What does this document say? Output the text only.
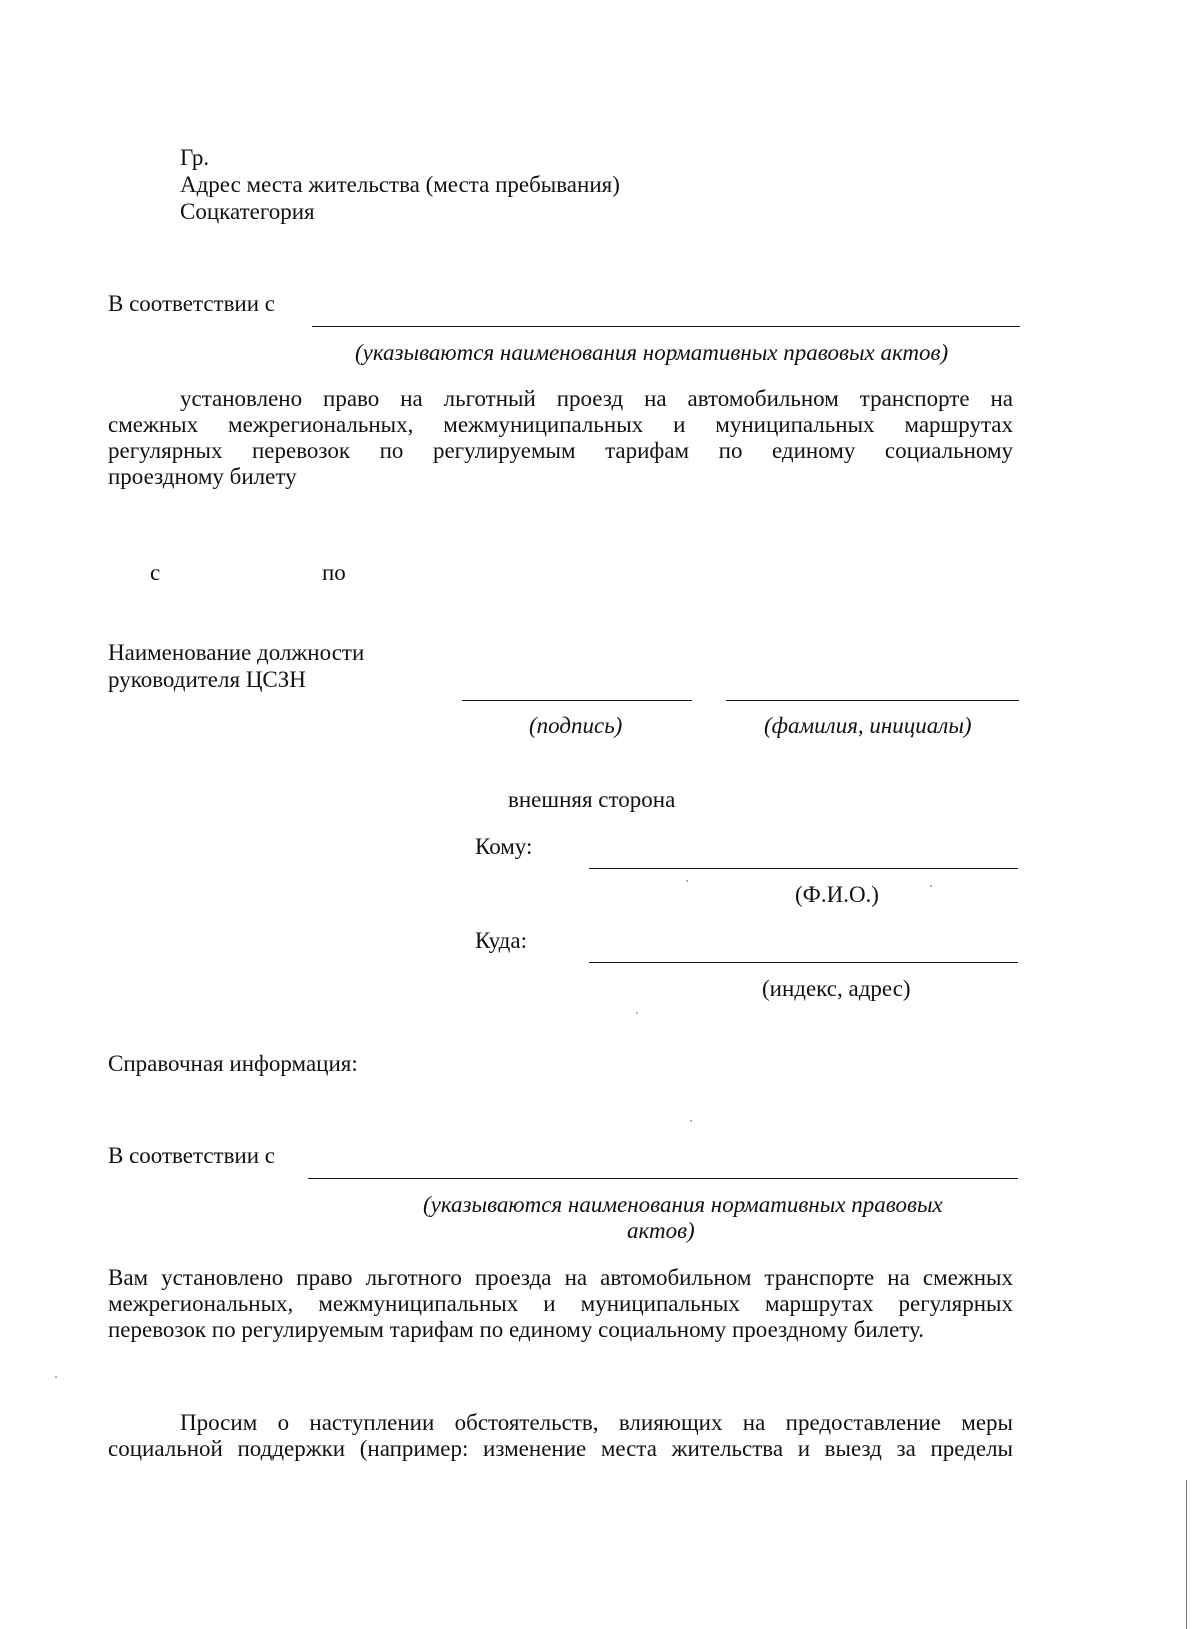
Гр.
Адрес места жительства (места пребывания)
Соцкатегория
В соответствии с
(указываются наименования нормативных правовых актов)
установлено право на льготный проезд на автомобильном транспорте на
смежных межрегиональных, межмуниципальных и муниципальных маршрутах
регулярных перевозок по регулируемым тарифам по единому социальному
проездному билету
с	по
Наименование должности
руководителя ЦСЗН
(подпись)	(фамилия, инициалы)
внешняя сторона
Кому:
(Ф.И.О.)
Куда:
(индекс, адрес)
Справочная информация:
В соответствии с
(указываются наименования нормативных правовых
актов)
Вам установлено право льготного проезда на автомобильном транспорте на смежных
межрегиональных, межмуниципальных и муниципальных маршрутах регулярных
перевозок по регулируемым тарифам по единому социальному проездному билету.
Просим о наступлении обстоятельств, влияющих на предоставление меры
социальной поддержки (например: изменение места жительства и выезд за пределы
